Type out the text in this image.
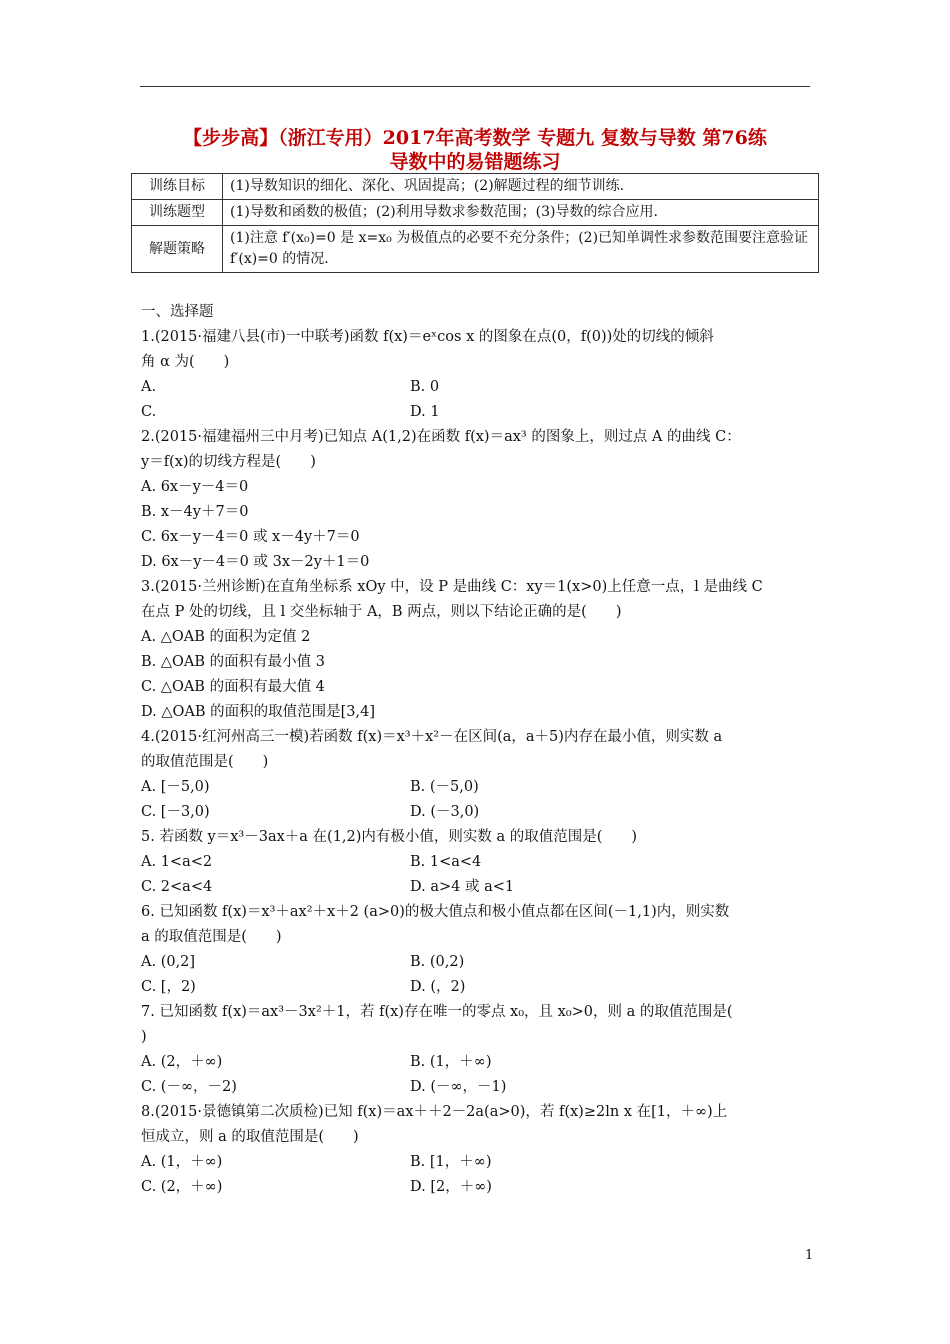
【步步高】（浙江专用）2017年高考数学 专题九 复数与导数 第76练
导数中的易错题练习
训练目标	(1)导数知识的细化、深化、巩固提高；(2)解题过程的细节训练.
训练题型	(1)导数和函数的极值；(2)利用导数求参数范围；(3)导数的综合应用.
解题策略	(1)注意 f′(x₀)=0 是 x=x₀ 为极值点的必要不充分条件；(2)已知单调性求参数范围要注意验证 f′(x)=0 的情况.
一、选择题
1.(2015·福建八县(市)一中联考)函数 f(x)＝eˣcos x 的图象在点(0，f(0))处的切线的倾斜
角 α 为(　　)
A.	B. 0
C.	D. 1
2.(2015·福建福州三中月考)已知点 A(1,2)在函数 f(x)＝ax³ 的图象上，则过点 A 的曲线 C：
y＝f(x)的切线方程是(　　)
A. 6x－y－4＝0
B. x－4y＋7＝0
C. 6x－y－4＝0 或 x－4y＋7＝0
D. 6x－y－4＝0 或 3x－2y＋1＝0
3.(2015·兰州诊断)在直角坐标系 xOy 中，设 P 是曲线 C：xy＝1(x>0)上任意一点，l 是曲线 C
在点 P 处的切线，且 l 交坐标轴于 A，B 两点，则以下结论正确的是(　　)
A. △OAB 的面积为定值 2
B. △OAB 的面积有最小值 3
C. △OAB 的面积有最大值 4
D. △OAB 的面积的取值范围是[3,4]
4.(2015·红河州高三一模)若函数 f(x)＝x³＋x²－在区间(a，a＋5)内存在最小值，则实数 a
的取值范围是(　　)
A. [－5,0)	B. (－5,0)
C. [－3,0)	D. (－3,0)
5. 若函数 y＝x³－3ax＋a 在(1,2)内有极小值，则实数 a 的取值范围是(　　)
A. 1<a<2	B. 1<a<4
C. 2<a<4	D. a>4 或 a<1
6. 已知函数 f(x)＝x³＋ax²＋x＋2 (a>0)的极大值点和极小值点都在区间(－1,1)内，则实数
a 的取值范围是(　　)
A. (0,2]	B. (0,2)
C. [，2)	D. (，2)
7. 已知函数 f(x)＝ax³－3x²＋1，若 f(x)存在唯一的零点 x₀，且 x₀>0，则 a 的取值范围是(
)
A. (2，＋∞)	B. (1，＋∞)
C. (－∞，－2)	D. (－∞，－1)
8.(2015·景德镇第二次质检)已知 f(x)＝ax＋＋2－2a(a>0)，若 f(x)≥2ln x 在[1，＋∞)上
恒成立，则 a 的取值范围是(　　)
A. (1，＋∞)	B. [1，＋∞)
C. (2，＋∞)	D. [2，＋∞)
1
